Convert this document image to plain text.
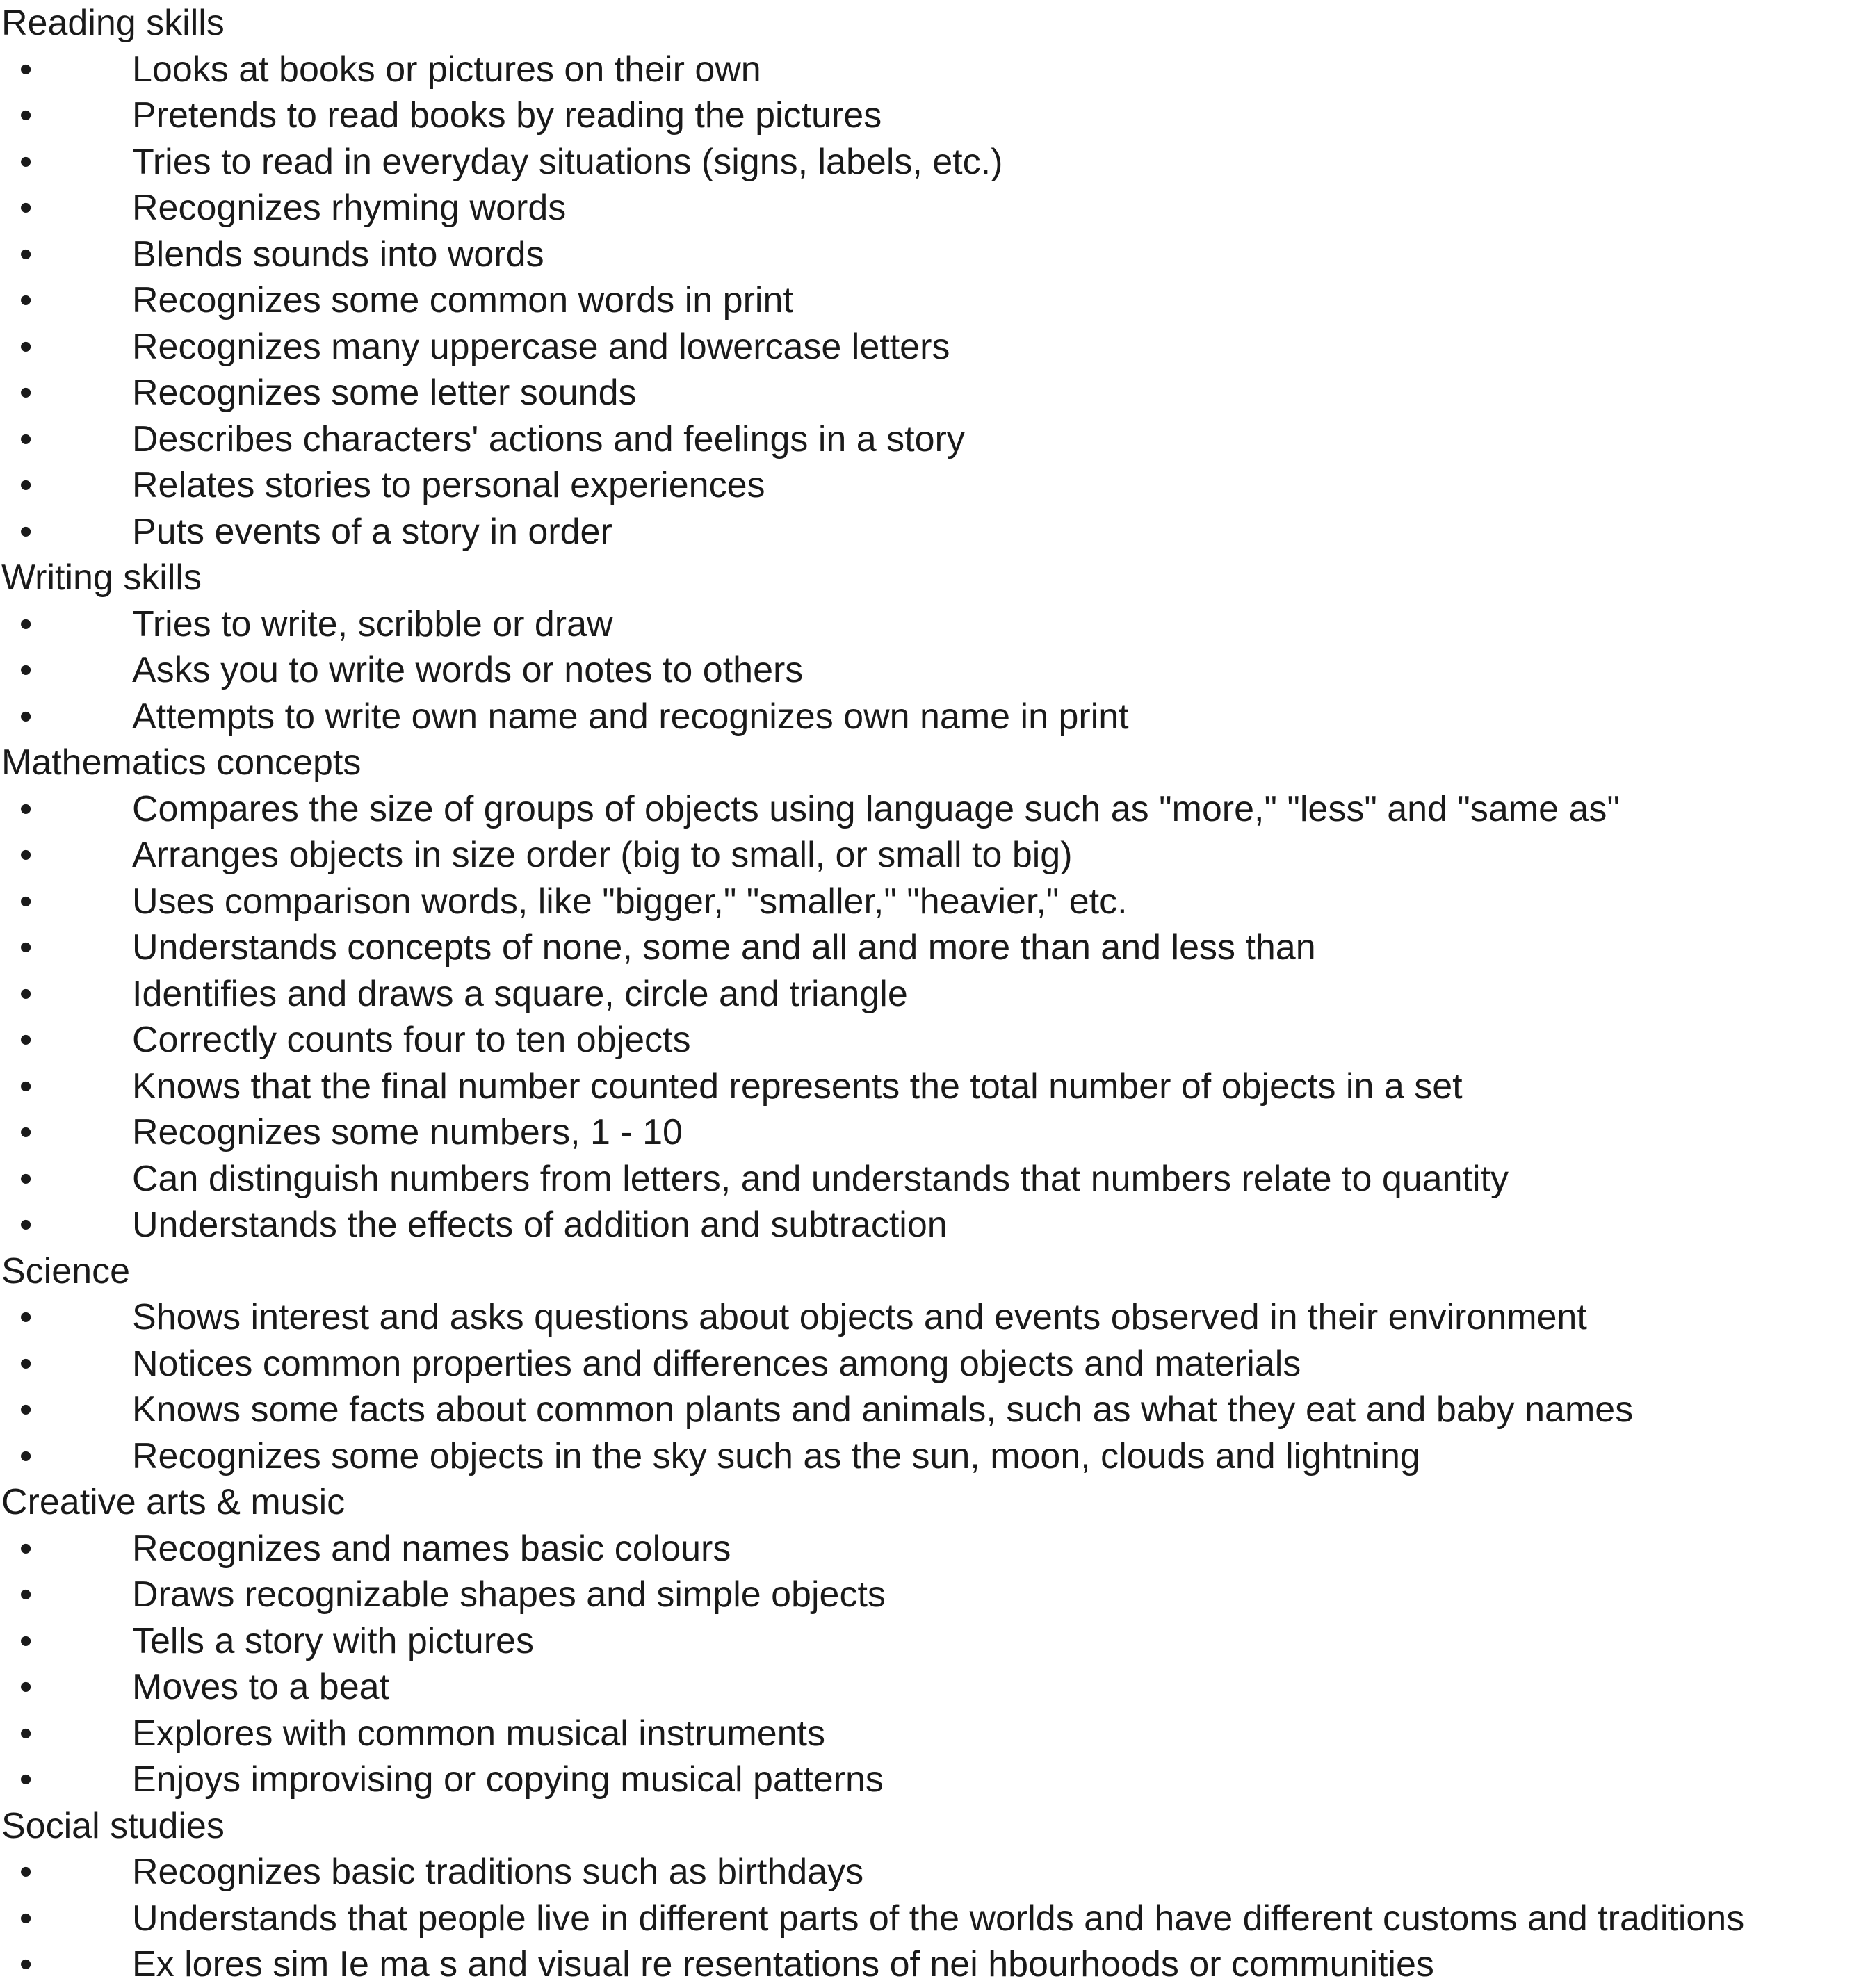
Reading skills
•	Looks at books or pictures on their own
•	Pretends to read books by reading the pictures
•	Tries to read in everyday situations (signs, labels, etc.)
•	Recognizes rhyming words
•	Blends sounds into words
•	Recognizes some common words in print
•	Recognizes many uppercase and lowercase letters
•	Recognizes some letter sounds
•	Describes characters' actions and feelings in a story
•	Relates stories to personal experiences
•	Puts events of a story in order
Writing skills
•	Tries to write, scribble or draw
•	Asks you to write words or notes to others
•	Attempts to write own name and recognizes own name in print
Mathematics concepts
•	Compares the size of groups of objects using language such as "more," "less" and "same as"
•	Arranges objects in size order (big to small, or small to big)
•	Uses comparison words, like "bigger," "smaller," "heavier," etc.
•	Understands concepts of none, some and all and more than and less than
•	Identifies and draws a square, circle and triangle
•	Correctly counts four to ten objects
•	Knows that the final number counted represents the total number of objects in a set
•	Recognizes some numbers, 1 - 10
•	Can distinguish numbers from letters, and understands that numbers relate to quantity
•	Understands the effects of addition and subtraction
Science
•	Shows interest and asks questions about objects and events observed in their environment
•	Notices common properties and differences among objects and materials
•	Knows some facts about common plants and animals, such as what they eat and baby names
•	Recognizes some objects in the sky such as the sun, moon, clouds and lightning
Creative arts & music
•	Recognizes and names basic colours
•	Draws recognizable shapes and simple objects
•	Tells a story with pictures
•	Moves to a beat
•	Explores with common musical instruments
•	Enjoys improvising or copying musical patterns
Social studies
•	Recognizes basic traditions such as birthdays
•	Understands that people live in different parts of the worlds and have different customs and traditions
•	Ex lores sim Ie ma s and visual re resentations of nei hbourhoods or communities
